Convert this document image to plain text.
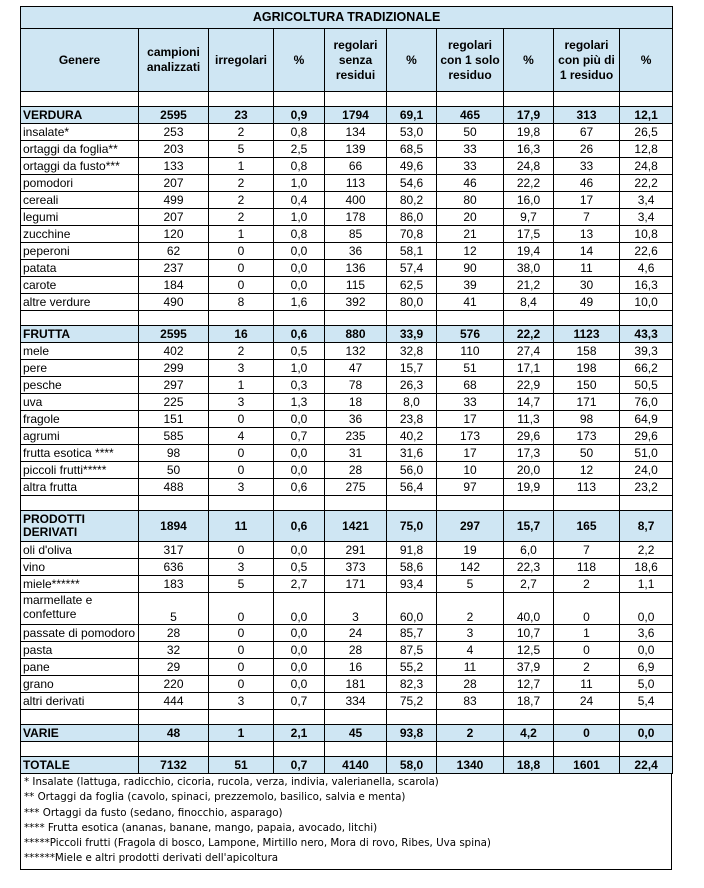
AGRICOLTURA TRADIZIONALE									
Genere	campioni analizzati	irregolari	%	regolari senza residui	%	regolari con 1 solo residuo	%	regolari con più di 1 residuo	%

VERDURA	2595	23	0,9	1794	69,1	465	17,9	313	12,1
insalate*	253	2	0,8	134	53,0	50	19,8	67	26,5
ortaggi da foglia**	203	5	2,5	139	68,5	33	16,3	26	12,8
ortaggi da fusto***	133	1	0,8	66	49,6	33	24,8	33	24,8
pomodori	207	2	1,0	113	54,6	46	22,2	46	22,2
cereali	499	2	0,4	400	80,2	80	16,0	17	3,4
legumi	207	2	1,0	178	86,0	20	9,7	7	3,4
zucchine	120	1	0,8	85	70,8	21	17,5	13	10,8
peperoni	62	0	0,0	36	58,1	12	19,4	14	22,6
patata	237	0	0,0	136	57,4	90	38,0	11	4,6
carote	184	0	0,0	115	62,5	39	21,2	30	16,3
altre verdure	490	8	1,6	392	80,0	41	8,4	49	10,0

FRUTTA	2595	16	0,6	880	33,9	576	22,2	1123	43,3
mele	402	2	0,5	132	32,8	110	27,4	158	39,3
pere	299	3	1,0	47	15,7	51	17,1	198	66,2
pesche	297	1	0,3	78	26,3	68	22,9	150	50,5
uva	225	3	1,3	18	8,0	33	14,7	171	76,0
fragole	151	0	0,0	36	23,8	17	11,3	98	64,9
agrumi	585	4	0,7	235	40,2	173	29,6	173	29,6
frutta esotica ****	98	0	0,0	31	31,6	17	17,3	50	51,0
piccoli frutti*****	50	0	0,0	28	56,0	10	20,0	12	24,0
altra frutta	488	3	0,6	275	56,4	97	19,9	113	23,2

PRODOTTI DERIVATI	1894	11	0,6	1421	75,0	297	15,7	165	8,7
oli d'oliva	317	0	0,0	291	91,8	19	6,0	7	2,2
vino	636	3	0,5	373	58,6	142	22,3	118	18,6
miele******	183	5	2,7	171	93,4	5	2,7	2	1,1
marmellate e confetture	5	0	0,0	3	60,0	2	40,0	0	0,0
passate di pomodoro	28	0	0,0	24	85,7	3	10,7	1	3,6
pasta	32	0	0,0	28	87,5	4	12,5	0	0,0
pane	29	0	0,0	16	55,2	11	37,9	2	6,9
grano	220	0	0,0	181	82,3	28	12,7	11	5,0
altri derivati	444	3	0,7	334	75,2	83	18,7	24	5,4

VARIE	48	1	2,1	45	93,8	2	4,2	0	0,0

TOTALE	7132	51	0,7	4140	58,0	1340	18,8	1601	22,4
* Insalate (lattuga, radicchio, cicoria, rucola, verza, indivia, valerianella, scarola)
** Ortaggi da foglia (cavolo, spinaci, prezzemolo, basilico, salvia e menta)
*** Ortaggi da fusto (sedano, finocchio, asparago)
**** Frutta esotica (ananas, banane, mango, papaia, avocado, litchi)
*****Piccoli frutti (Fragola di bosco, Lampone, Mirtillo nero, Mora di rovo, Ribes, Uva spina)
******Miele e altri prodotti derivati dell'apicoltura
